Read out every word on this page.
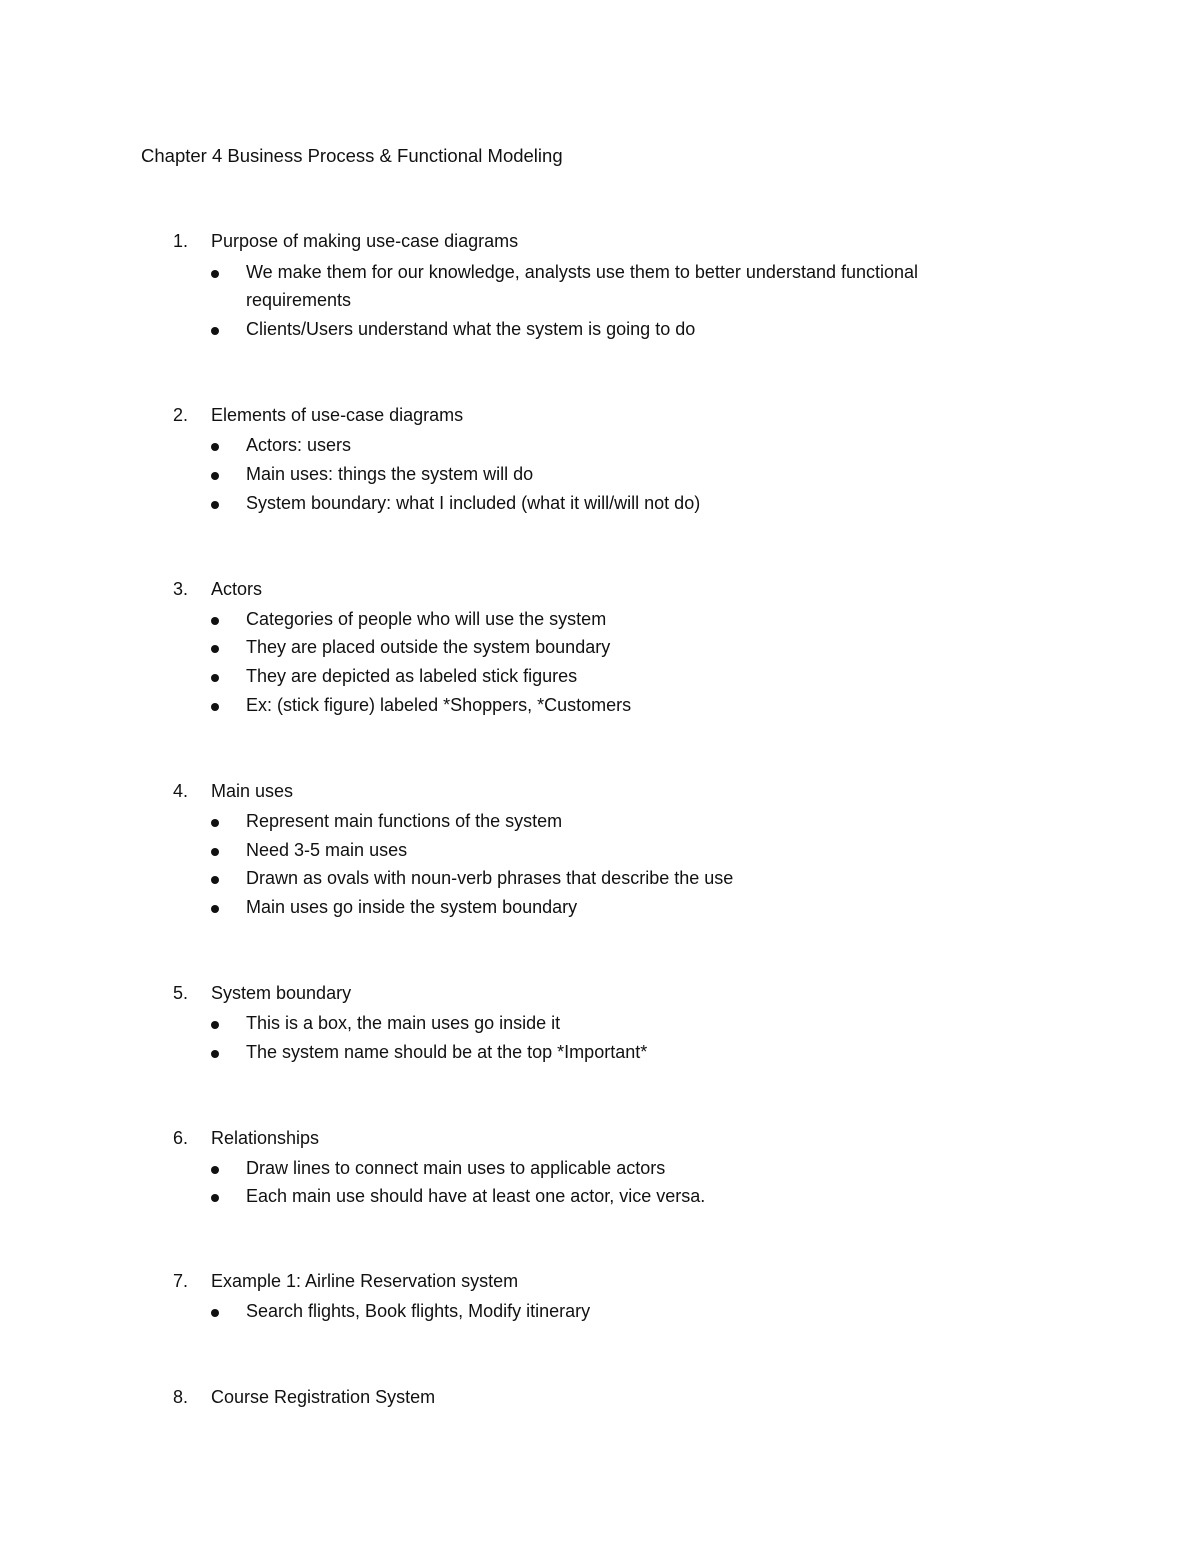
Chapter 4 Business Process & Functional Modeling
1.	Purpose of making use-case diagrams
We make them for our knowledge, analysts use them to better understand functional requirements
Clients/Users understand what the system is going to do
2.	Elements of use-case diagrams
Actors: users
Main uses: things the system will do
System boundary: what I included (what it will/will not do)
3.	Actors
Categories of people who will use the system
They are placed outside the system boundary
They are depicted as labeled stick figures
Ex: (stick figure) labeled *Shoppers, *Customers
4.	Main uses
Represent main functions of the system
Need 3-5 main uses
Drawn as ovals with noun-verb phrases that describe the use
Main uses go inside the system boundary
5.	System boundary
This is a box, the main uses go inside it
The system name should be at the top *Important*
6.	Relationships
Draw lines to connect main uses to applicable actors
Each main use should have at least one actor, vice versa.
7.	Example 1: Airline Reservation system
Search flights, Book flights, Modify itinerary
8.	Course Registration System
